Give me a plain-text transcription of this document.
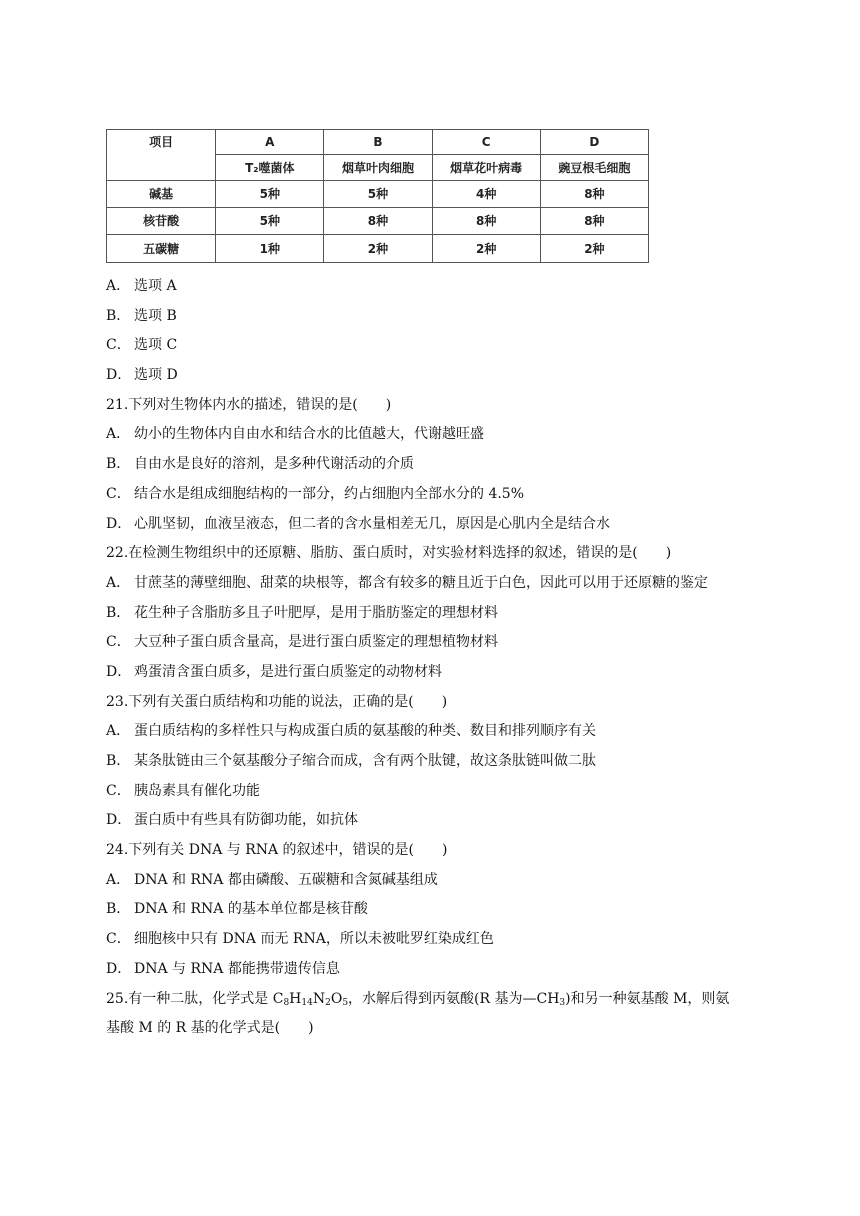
项目	A	B	C	D
	T₂噬菌体	烟草叶肉细胞	烟草花叶病毒	豌豆根毛细胞
碱基	5种	5种	4种	8种
核苷酸	5种	8种	8种	8种
五碳糖	1种	2种	2种	2种
A． 选项 A
B． 选项 B
C． 选项 C
D． 选项 D
21.下列对生物体内水的描述，错误的是(　　)
A． 幼小的生物体内自由水和结合水的比值越大，代谢越旺盛
B． 自由水是良好的溶剂，是多种代谢活动的介质
C． 结合水是组成细胞结构的一部分，约占细胞内全部水分的 4.5%
D． 心肌坚韧，血液呈液态，但二者的含水量相差无几，原因是心肌内全是结合水
22.在检测生物组织中的还原糖、脂肪、蛋白质时，对实验材料选择的叙述，错误的是(　　)
A． 甘蔗茎的薄壁细胞、甜菜的块根等，都含有较多的糖且近于白色，因此可以用于还原糖的鉴定
B． 花生种子含脂肪多且子叶肥厚，是用于脂肪鉴定的理想材料
C． 大豆种子蛋白质含量高，是进行蛋白质鉴定的理想植物材料
D． 鸡蛋清含蛋白质多，是进行蛋白质鉴定的动物材料
23.下列有关蛋白质结构和功能的说法，正确的是(　　)
A． 蛋白质结构的多样性只与构成蛋白质的氨基酸的种类、数目和排列顺序有关
B． 某条肽链由三个氨基酸分子缩合而成，含有两个肽键，故这条肽链叫做二肽
C． 胰岛素具有催化功能
D． 蛋白质中有些具有防御功能，如抗体
24.下列有关 DNA 与 RNA 的叙述中，错误的是(　　)
A． DNA 和 RNA 都由磷酸、五碳糖和含氮碱基组成
B． DNA 和 RNA 的基本单位都是核苷酸
C． 细胞核中只有 DNA 而无 RNA，所以未被吡罗红染成红色
D． DNA 与 RNA 都能携带遗传信息
25.有一种二肽，化学式是 $C_8H_{14}N_2O_5$，水解后得到丙氨酸(R 基为$—CH_3$)和另一种氨基酸 M，则氨
基酸 M 的 R 基的化学式是(　　)
